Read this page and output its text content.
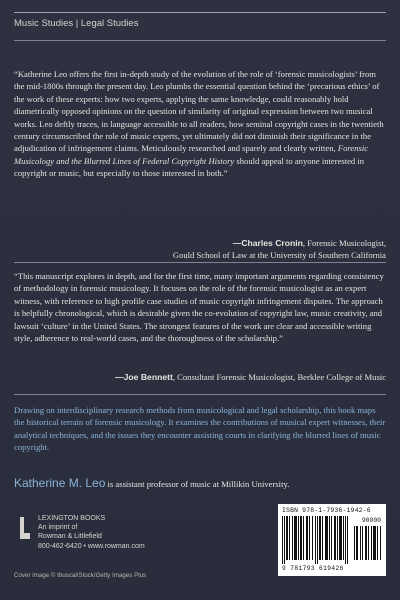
Music Studies | Legal Studies
“Katherine Leo offers the first in-depth study of the evolution of the role of ‘forensic musicologists’ from the mid-1800s through the present day. Leo plumbs the essential question behind the ‘precarious ethics’ of the work of these experts: how two experts, applying the same knowledge, could reasonably hold diametrically opposed opinions on the question of similarity of original expression between two musical works. Leo deftly traces, in language accessible to all readers, how seminal copyright cases in the twentieth century circumscribed the role of music experts, yet ultimately did not diminish their significance in the adjudication of infringement claims. Meticulously researched and sparely and clearly written, Forensic Musicology and the Blurred Lines of Federal Copyright History should appeal to anyone interested in copyright or music, but especially to those interested in both.”
—Charles Cronin, Forensic Musicologist,
Gould School of Law at the University of Southern California
“This manuscript explores in depth, and for the first time, many important arguments regarding consistency of methodology in forensic musicology. It focuses on the role of the forensic musicologist as an expert witness, with reference to high profile case studies of music copyright infringement disputes. The approach is helpfully chronological, which is desirable given the co-evolution of copyright law, music creativity, and lawsuit ‘culture’ in the United States. The strongest features of the work are clear and accessible writing style, adherence to real-world cases, and the thoroughness of the scholarship.”
—Joe Bennett, Consultant Forensic Musicologist, Berklee College of Music
Drawing on interdisciplinary research methods from musicological and legal scholarship, this book maps the historical terrain of forensic musicology. It examines the contributions of musical expert witnesses, their analytical techniques, and the issues they encounter assisting courts in clarifying the blurred lines of music copyright.
Katherine M. Leo is assistant professor of music at Millikin University.
LEXINGTON BOOKS
An imprint of
Rowman & Littlefield
800-462-6420 • www.rowman.com
Cover image © Ibusca/iStock/Getty Images Plus
ISBN 978-1-7936-1942-6
90000
9 781793 619426
